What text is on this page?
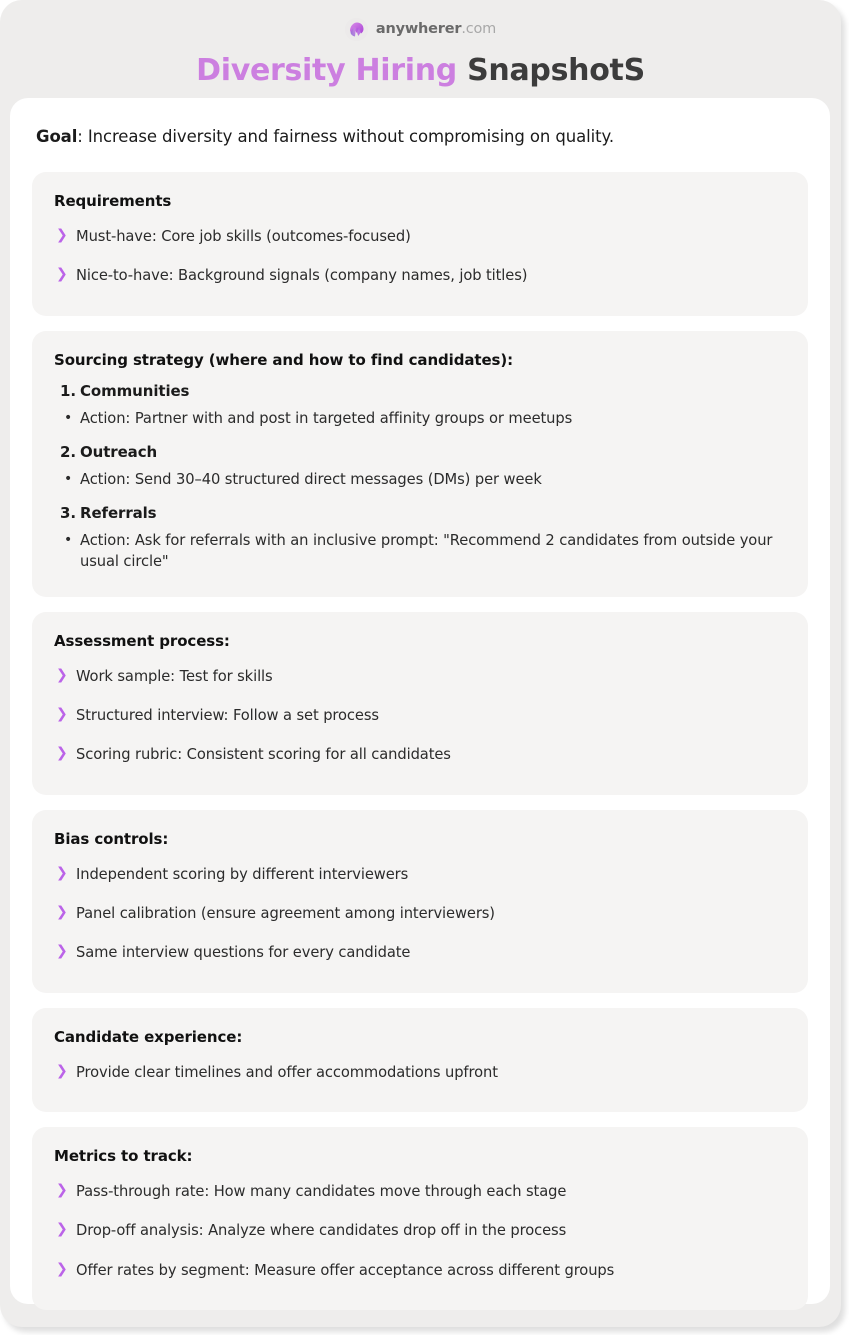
anywherer.com
Diversity Hiring SnapshotS

Goal: Increase diversity and fairness without compromising on quality.

Requirements
❯ Must-have: Core job skills (outcomes-focused)
❯ Nice-to-have: Background signals (company names, job titles)
Sourcing strategy (where and how to find candidates):
1. Communities
• Action: Partner with and post in targeted affinity groups or meetups
2. Outreach
• Action: Send 30–40 structured direct messages (DMs) per week
3. Referrals
• Action: Ask for referrals with an inclusive prompt: "Recommend 2 candidates from outside your usual circle"
Assessment process:
❯ Work sample: Test for skills
❯ Structured interview: Follow a set process
❯ Scoring rubric: Consistent scoring for all candidates
Bias controls:
❯ Independent scoring by different interviewers
❯ Panel calibration (ensure agreement among interviewers)
❯ Same interview questions for every candidate
Candidate experience:
❯ Provide clear timelines and offer accommodations upfront
Metrics to track:
❯ Pass-through rate: How many candidates move through each stage
❯ Drop-off analysis: Analyze where candidates drop off in the process
❯ Offer rates by segment: Measure offer acceptance across different groups
